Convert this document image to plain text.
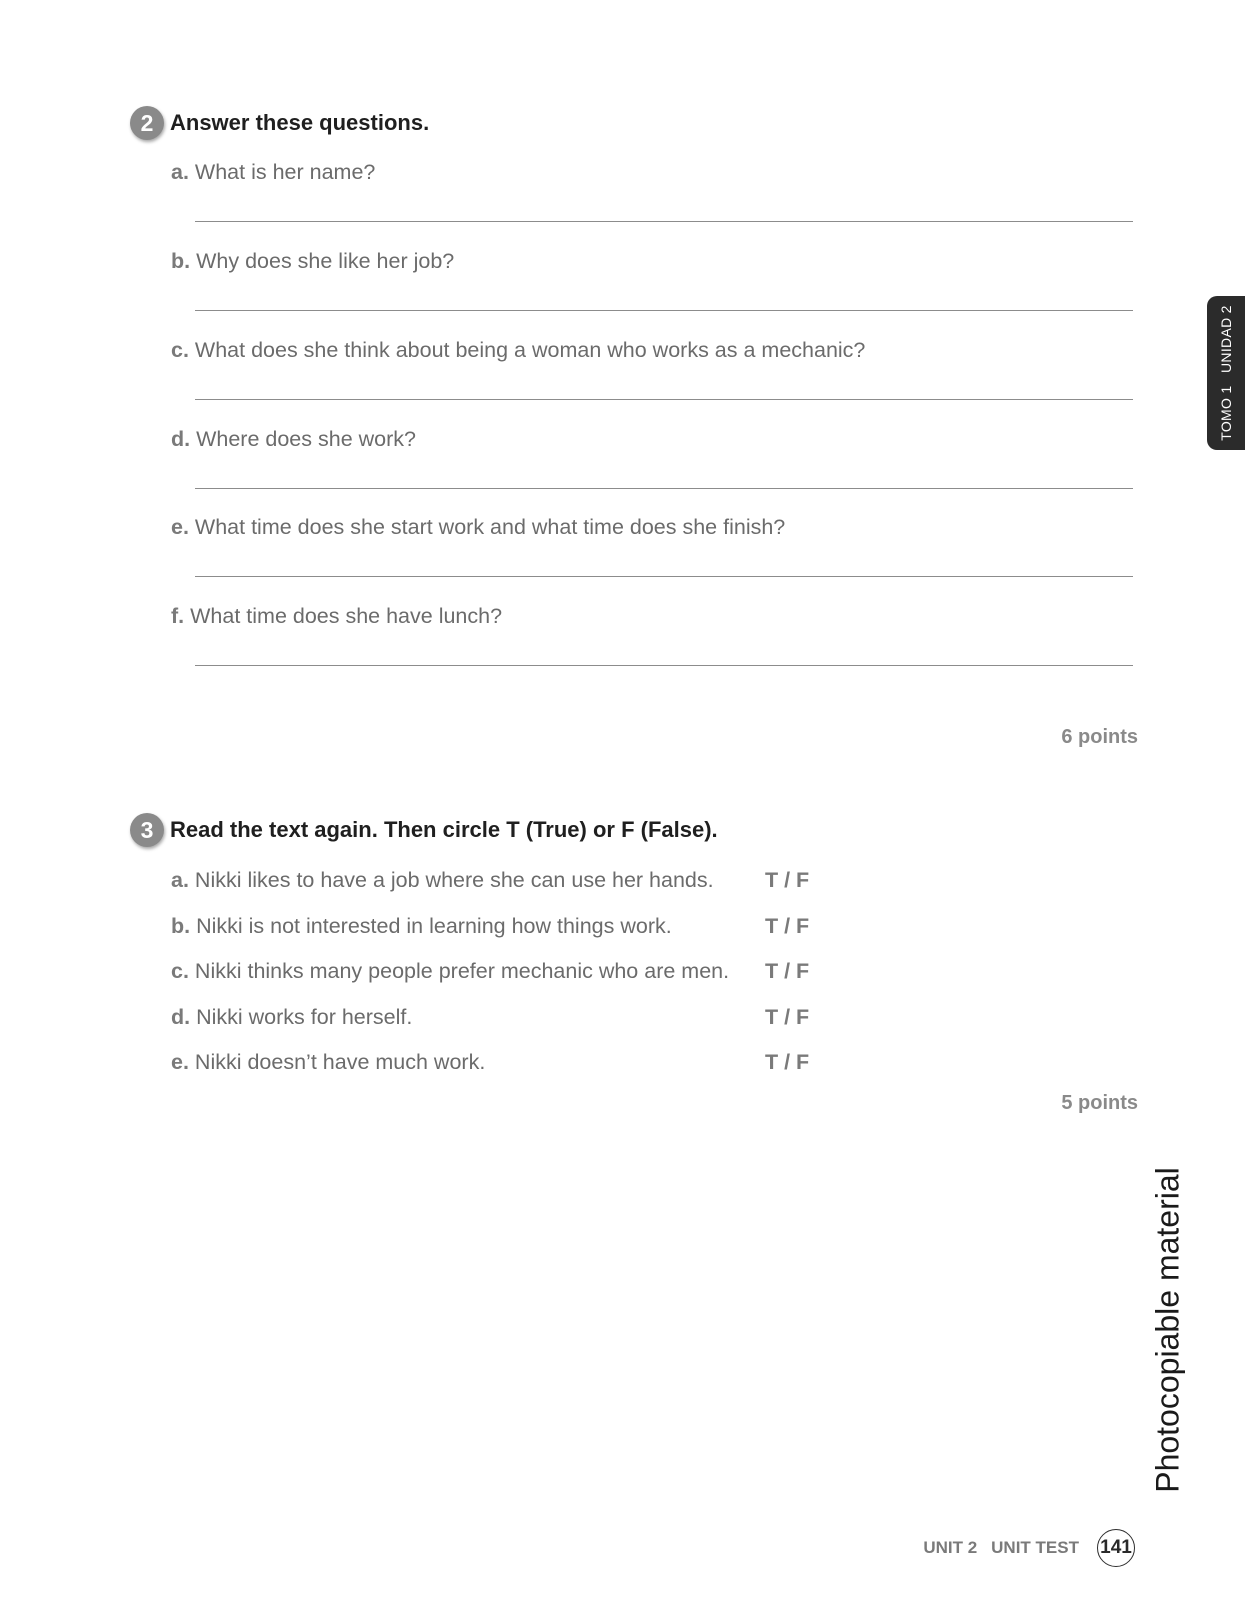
2 Answer these questions.
a. What is her name?
b. Why does she like her job?
c. What does she think about being a woman who works as a mechanic?
d. Where does she work?
e. What time does she start work and what time does she finish?
f. What time does she have lunch?
6 points
3 Read the text again. Then circle T (True) or F (False).
a. Nikki likes to have a job where she can use her hands. T / F
b. Nikki is not interested in learning how things work.	T / F
c. Nikki thinks many people prefer mechanic who are men. T / F
d. Nikki works for herself.	T / F
e. Nikki doesn’t have much work.	T / F
5 points
TOMO 1   UNIDAD 2
Photocopiable material
UNIT 2 UNIT TEST 141
